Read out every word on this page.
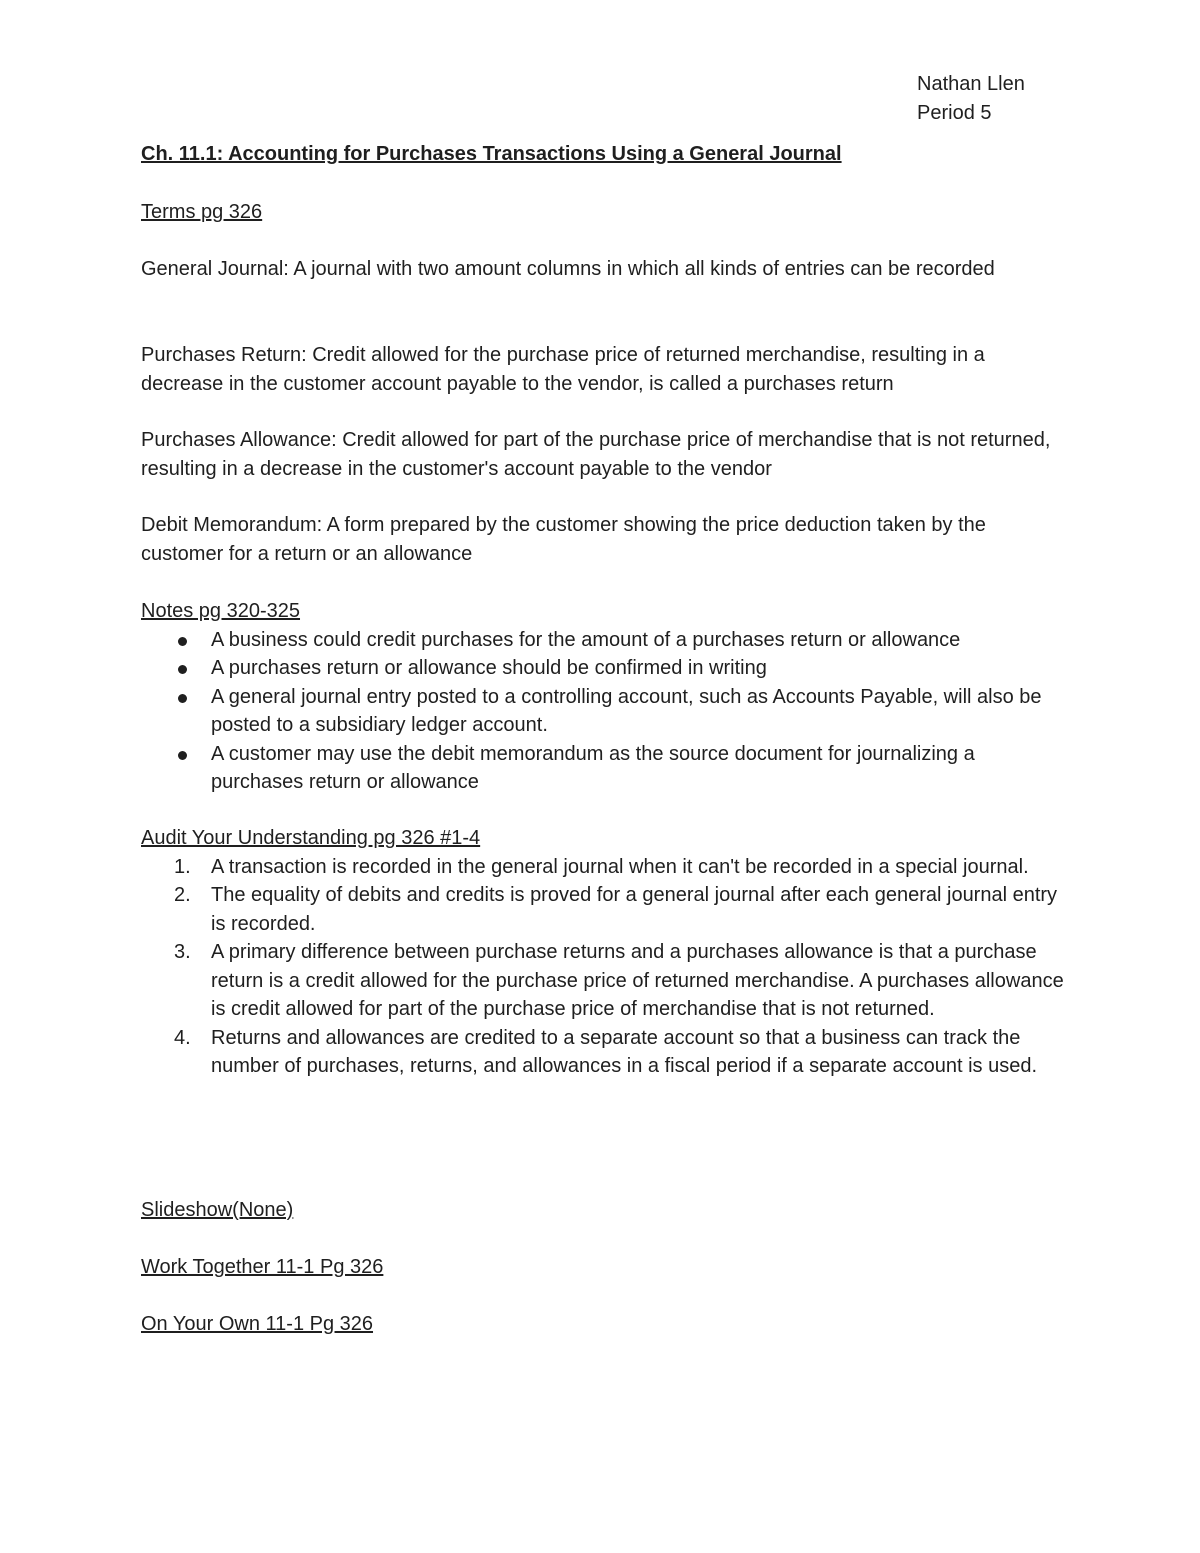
Nathan Llen
Period 5
Ch. 11.1: Accounting for Purchases Transactions Using a General Journal

Terms pg 326

General Journal: A journal with two amount columns in which all kinds of entries can be recorded

Purchases Return: Credit allowed for the purchase price of returned merchandise, resulting in a decrease in the customer account payable to the vendor, is called a purchases return

Purchases Allowance: Credit allowed for part of the purchase price of merchandise that is not returned, resulting in a decrease in the customer's account payable to the vendor

Debit Memorandum: A form prepared by the customer showing the price deduction taken by the customer for a return or an allowance

Notes pg 320-325

A business could credit purchases for the amount of a purchases return or allowance
A purchases return or allowance should be confirmed in writing
A general journal entry posted to a controlling account, such as Accounts Payable, will also be posted to a subsidiary ledger account.
A customer may use the debit memorandum as the source document for journalizing a purchases return or allowance

Audit Your Understanding pg 326 #1-4

1. A transaction is recorded in the general journal when it can't be recorded in a special journal.
2. The equality of debits and credits is proved for a general journal after each general journal entry is recorded.
3. A primary difference between purchase returns and a purchases allowance is that a purchase return is a credit allowed for the purchase price of returned merchandise. A purchases allowance is credit allowed for part of the purchase price of merchandise that is not returned.
4. Returns and allowances are credited to a separate account so that a business can track the number of purchases, returns, and allowances in a fiscal period if a separate account is used.

Slideshow(None)

Work Together 11-1 Pg 326

On Your Own 11-1 Pg 326
